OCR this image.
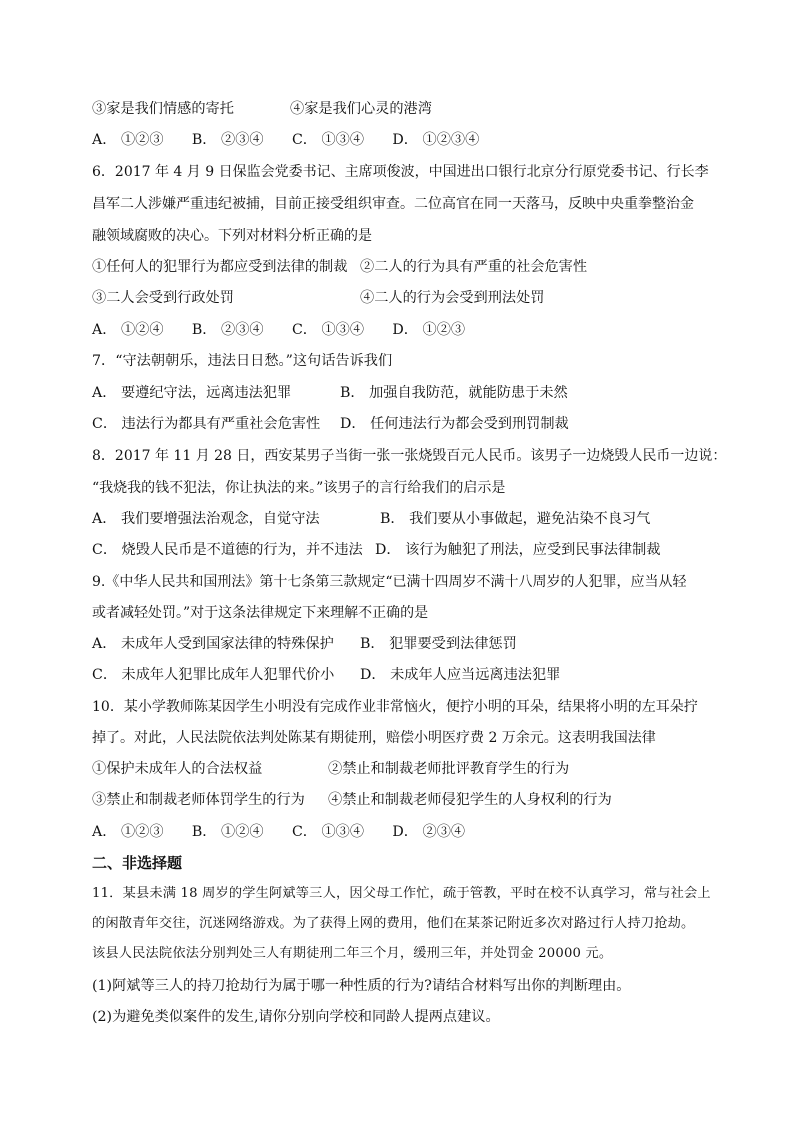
③家是我们情感的寄托	④家是我们心灵的港湾
A． ①②③　　B． ②③④　　C． ①③④　　D． ①②③④
6．2017 年 4 月 9 日保监会党委书记、主席项俊波，中国进出口银行北京分行原党委书记、行长李
昌军二人涉嫌严重违纪被捕，目前正接受组织审查。二位高官在同一天落马，反映中央重拳整治金
融领域腐败的决心。下列对材料分析正确的是
①任何人的犯罪行为都应受到法律的制裁 ②二人的行为具有严重的社会危害性
③二人会受到行政处罚	④二人的行为会受到刑法处罚
A． ①②④　　B． ②③④　　C． ①③④　　D． ①②③
7．“守法朝朝乐，违法日日愁。”这句话告诉我们
A． 要遵纪守法，远离违法犯罪	B． 加强自我防范，就能防患于未然
C． 违法行为都具有严重社会危害性 D． 任何违法行为都会受到刑罚制裁
8．2017 年 11 月 28 日，西安某男子当街一张一张烧毁百元人民币。该男子一边烧毁人民币一边说：
“我烧我的钱不犯法，你让执法的来。”该男子的言行给我们的启示是
A． 我们要增强法治观念，自觉守法	B． 我们要从小事做起，避免沾染不良习气
C． 烧毁人民币是不道德的行为，并不违法 D． 该行为触犯了刑法，应受到民事法律制裁
9.《中华人民共和国刑法》第十七条第三款规定“已满十四周岁不满十八周岁的人犯罪，应当从轻
或者减轻处罚。”对于这条法律规定下来理解不正确的是
A． 未成年人受到国家法律的特殊保护 B． 犯罪要受到法律惩罚
C． 未成年人犯罪比成年人犯罪代价小 D． 未成年人应当远离违法犯罪
10．某小学教师陈某因学生小明没有完成作业非常恼火，便拧小明的耳朵，结果将小明的左耳朵拧
掉了。对此，人民法院依法判处陈某有期徒刑，赔偿小明医疗费 2 万余元。这表明我国法律
①保护未成年人的合法权益	②禁止和制裁老师批评教育学生的行为
③禁止和制裁老师体罚学生的行为 ④禁止和制裁老师侵犯学生的人身权利的行为
A． ①②③　　B． ①②④　　C． ①③④　　D． ②③④
二、非选择题
11．某县未满 18 周岁的学生阿斌等三人，因父母工作忙，疏于管教，平时在校不认真学习，常与社会上
的闲散青年交往，沉迷网络游戏。为了获得上网的费用，他们在某茶记附近多次对路过行人持刀抢劫。
该县人民法院依法分别判处三人有期徒刑二年三个月，缓刑三年，并处罚金 20000 元。
(1)阿斌等三人的持刀抢劫行为属于哪一种性质的行为?请结合材料写出你的判断理由。
(2)为避免类似案件的发生,请你分别向学校和同龄人提两点建议。
